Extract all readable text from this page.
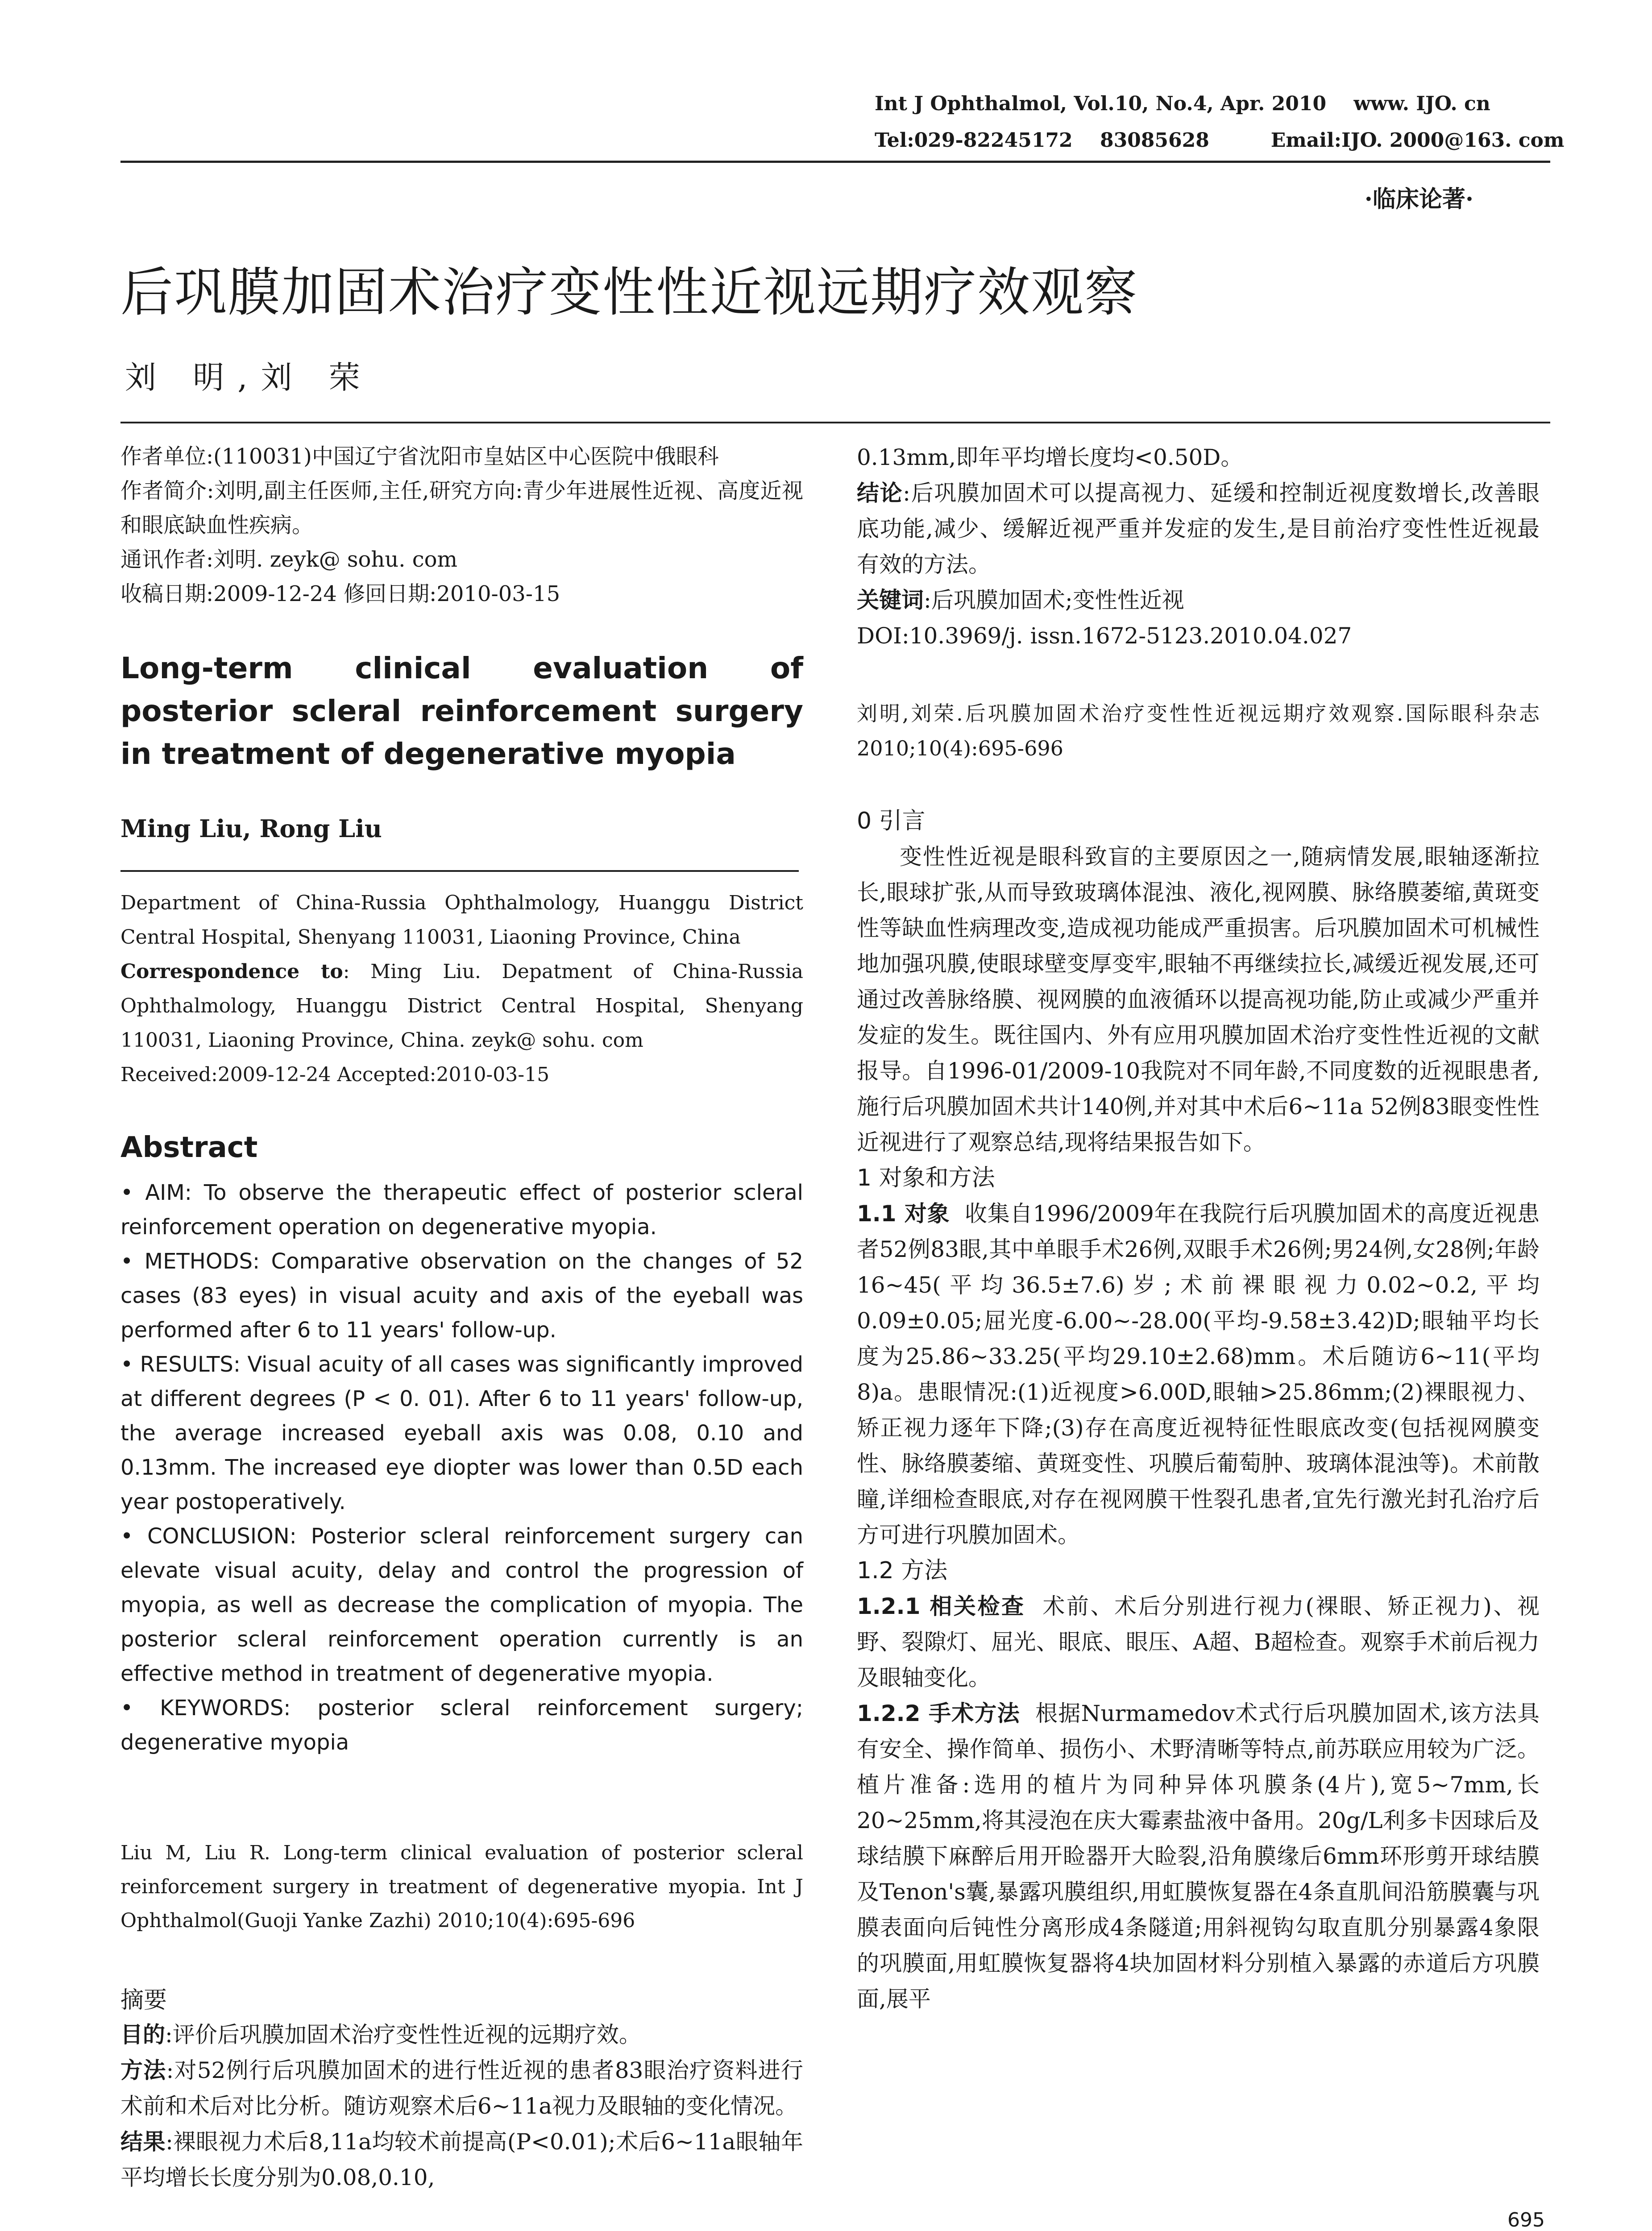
Int J Ophthalmol, Vol.10, No.4, Apr. 2010    www. IJO. cn
Tel:029-82245172    83085628         Email:IJO. 2000@163. com
·临床论著·
后巩膜加固术治疗变性性近视远期疗效观察
刘 明,刘 荣

作者单位:(110031)中国辽宁省沈阳市皇姑区中心医院中俄眼科

作者简介:刘明,副主任医师,主任,研究方向:青少年进展性近视、高度近视和眼底缺血性疾病。

通讯作者:刘明. zeyk@ sohu. com

收稿日期:2009-12-24 修回日期:2010-03-15

Long-term clinical evaluation of posterior scleral reinforcement surgery in treatment of degenerative myopia
Ming Liu, Rong Liu

Department of China-Russia Ophthalmology, Huanggu District Central Hospital, Shenyang 110031, Liaoning Province, China

Correspondence to: Ming Liu. Depatment of China-Russia Ophthalmology, Huanggu District Central Hospital, Shenyang 110031, Liaoning Province, China. zeyk@ sohu. com

Received:2009-12-24 Accepted:2010-03-15

Abstract

• AIM: To observe the therapeutic effect of posterior scleral reinforcement operation on degenerative myopia.

• METHODS: Comparative observation on the changes of 52 cases (83 eyes) in visual acuity and axis of the eyeball was performed after 6 to 11 years' follow-up.

• RESULTS: Visual acuity of all cases was significantly improved at different degrees (P < 0. 01). After 6 to 11 years' follow-up, the average increased eyeball axis was 0.08, 0.10 and 0.13mm. The increased eye diopter was lower than 0.5D each year postoperatively.

• CONCLUSION: Posterior scleral reinforcement surgery can elevate visual acuity, delay and control the progression of myopia, as well as decrease the complication of myopia. The posterior scleral reinforcement operation currently is an effective method in treatment of degenerative myopia.

• KEYWORDS: posterior scleral reinforcement surgery; degenerative myopia

Liu M, Liu R. Long-term clinical evaluation of posterior scleral reinforcement surgery in treatment of degenerative myopia. Int J Ophthalmol(Guoji Yanke Zazhi) 2010;10(4):695-696
摘要

目的:评价后巩膜加固术治疗变性性近视的远期疗效。

方法:对52例行后巩膜加固术的进行性近视的患者83眼治疗资料进行术前和术后对比分析。随访观察术后6~11a视力及眼轴的变化情况。

结果:裸眼视力术后8,11a均较术前提高(P<0.01);术后6~11a眼轴年平均增长长度分别为0.08,0.10,

0.13mm,即年平均增长度均<0.50D。

结论:后巩膜加固术可以提高视力、延缓和控制近视度数增长,改善眼底功能,减少、缓解近视严重并发症的发生,是目前治疗变性性近视最有效的方法。

关键词:后巩膜加固术;变性性近视

DOI:10.3969/j. issn.1672-5123.2010.04.027

刘明,刘荣.后巩膜加固术治疗变性性近视远期疗效观察.国际眼科杂志 2010;10(4):695-696

0 引言

变性性近视是眼科致盲的主要原因之一,随病情发展,眼轴逐渐拉长,眼球扩张,从而导致玻璃体混浊、液化,视网膜、脉络膜萎缩,黄斑变性等缺血性病理改变,造成视功能成严重损害。后巩膜加固术可机械性地加强巩膜,使眼球壁变厚变牢,眼轴不再继续拉长,减缓近视发展,还可通过改善脉络膜、视网膜的血液循环以提高视功能,防止或减少严重并发症的发生。既往国内、外有应用巩膜加固术治疗变性性近视的文献报导。自1996-01/2009-10我院对不同年龄,不同度数的近视眼患者,施行后巩膜加固术共计140例,并对其中术后6~11a 52例83眼变性性近视进行了观察总结,现将结果报告如下。

1 对象和方法

1.1 对象 收集自1996/2009年在我院行后巩膜加固术的高度近视患者52例83眼,其中单眼手术26例,双眼手术26例;男24例,女28例;年龄16~45(平均36.5±7.6)岁;术前裸眼视力0.02~0.2,平均0.09±0.05;屈光度-6.00~-28.00(平均-9.58±3.42)D;眼轴平均长度为25.86~33.25(平均29.10±2.68)mm。术后随访6~11(平均8)a。患眼情况:(1)近视度>6.00D,眼轴>25.86mm;(2)裸眼视力、矫正视力逐年下降;(3)存在高度近视特征性眼底改变(包括视网膜变性、脉络膜萎缩、黄斑变性、巩膜后葡萄肿、玻璃体混浊等)。术前散瞳,详细检查眼底,对存在视网膜干性裂孔患者,宜先行激光封孔治疗后方可进行巩膜加固术。

1.2 方法

1.2.1 相关检查 术前、术后分别进行视力(裸眼、矫正视力)、视野、裂隙灯、屈光、眼底、眼压、A超、B超检查。观察手术前后视力及眼轴变化。

1.2.2 手术方法 根据Nurmamedov术式行后巩膜加固术,该方法具有安全、操作简单、损伤小、术野清晰等特点,前苏联应用较为广泛。植片准备:选用的植片为同种异体巩膜条(4片),宽5~7mm,长20~25mm,将其浸泡在庆大霉素盐液中备用。20g/L利多卡因球后及球结膜下麻醉后用开睑器开大睑裂,沿角膜缘后6mm环形剪开球结膜及Tenon's囊,暴露巩膜组织,用虹膜恢复器在4条直肌间沿筋膜囊与巩膜表面向后钝性分离形成4条隧道;用斜视钩勾取直肌分别暴露4象限的巩膜面,用虹膜恢复器将4块加固材料分别植入暴露的赤道后方巩膜面,展平

695
